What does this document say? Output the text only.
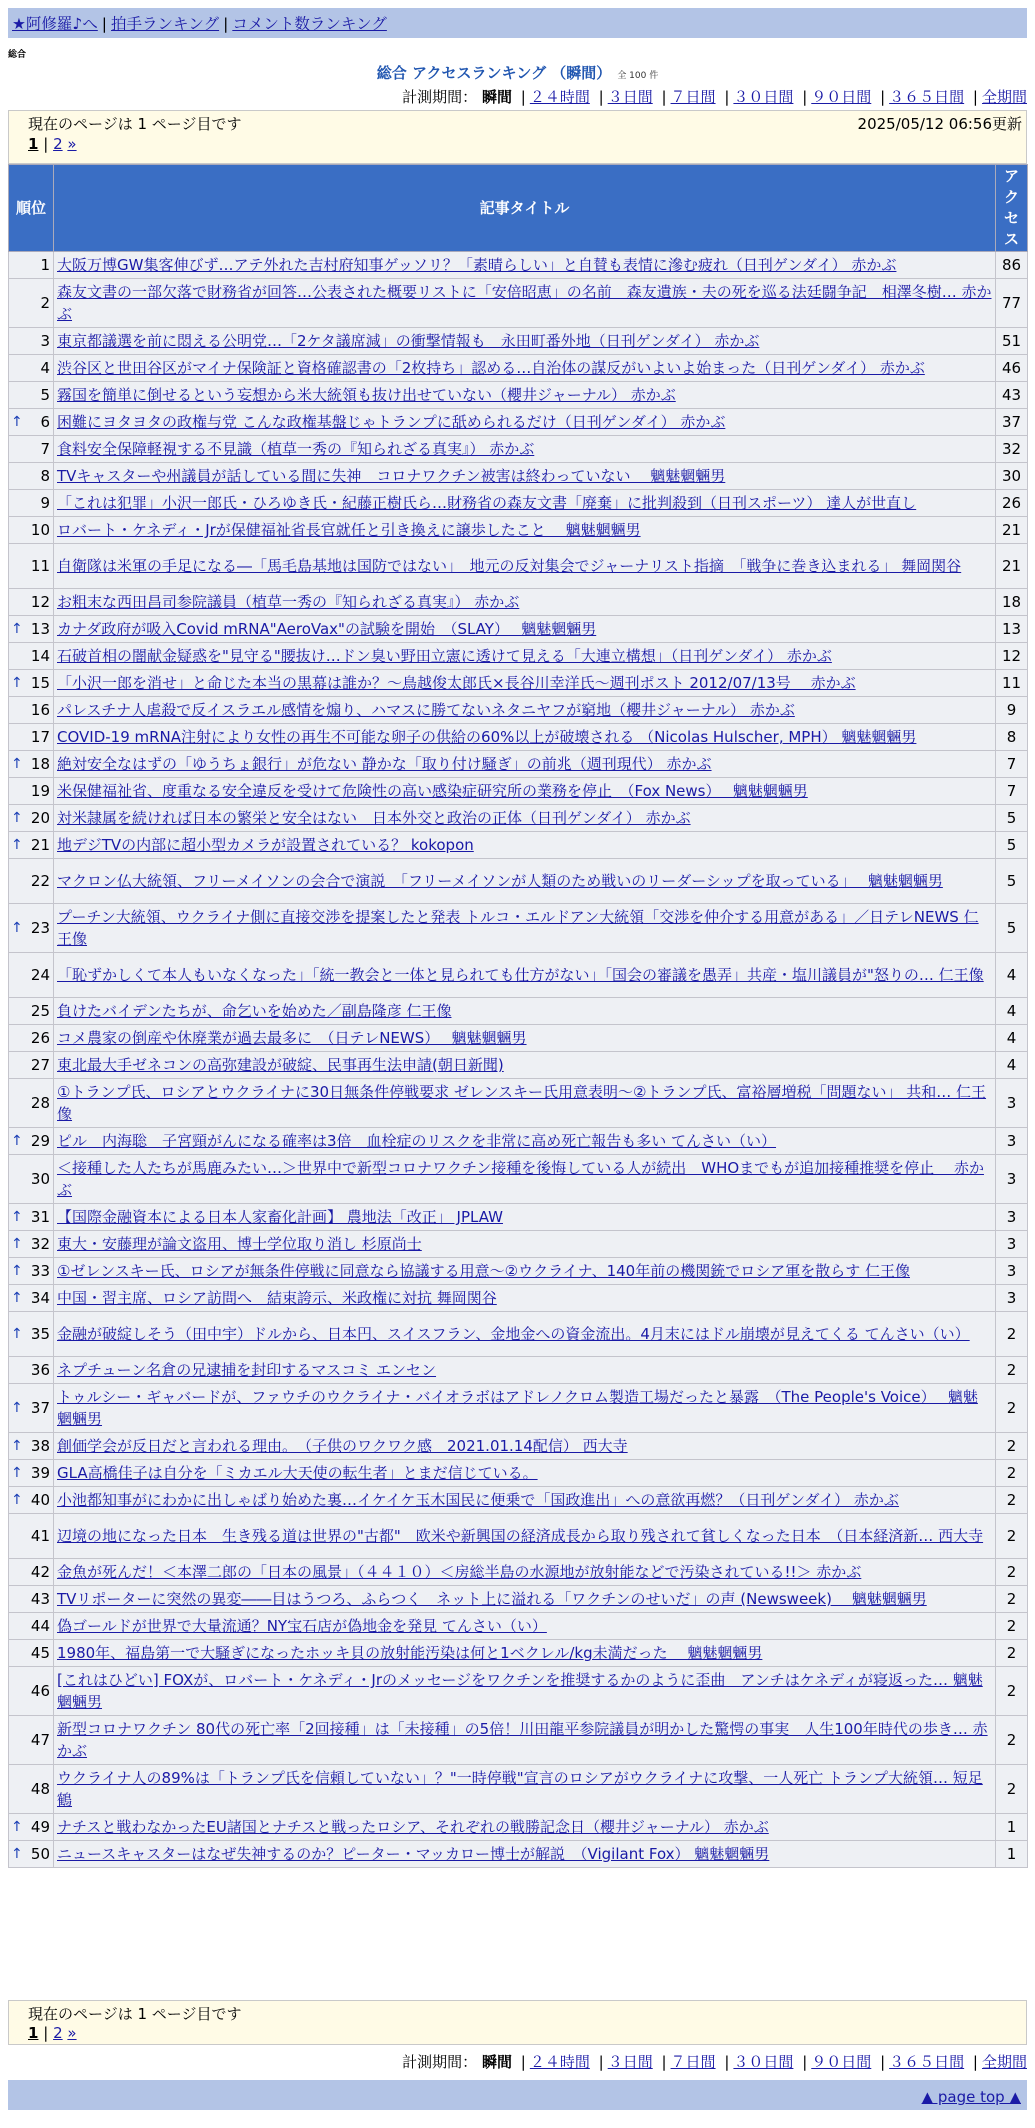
★阿修羅♪へ | 拍手ランキング | コメント数ランキング
総合
総合 アクセスランキング （瞬間） 全 100 件
計測期間： 瞬間 | ２４時間 | ３日間 | ７日間 | ３０日間 | ９０日間 | ３６５日間 | 全期間
現在のページは 1 ページ目です	2025/05/12 06:56更新
1 | 2 »
順位	記事タイトル	アクセス
1	大阪万博GW集客伸びず…アテ外れた吉村府知事ゲッソリ？「素晴らしい」と自賛も表情に滲む疲れ（日刊ゲンダイ） 赤かぶ	86
2	森友文書の一部欠落で財務省が回答…公表された概要リストに「安倍昭恵」の名前　森友遺族・夫の死を巡る法廷闘争記　相澤冬樹… 赤かぶ	77
3	東京都議選を前に悶える公明党…「2ケタ議席減」の衝撃情報も　永田町番外地（日刊ゲンダイ） 赤かぶ	51
4	渋谷区と世田谷区がマイナ保険証と資格確認書の「2枚持ち」認める…自治体の謀反がいよいよ始まった（日刊ゲンダイ） 赤かぶ	46
5	霧国を簡単に倒せるという妄想から米大統領も抜け出せていない（櫻井ジャーナル） 赤かぶ	43

↑ 6	困難にヨタヨタの政権与党 こんな政権基盤じゃトランプに舐められるだけ（日刊ゲンダイ） 赤かぶ	37
7	食料安全保障軽視する不見識（植草一秀の『知られざる真実』） 赤かぶ	32
8	TVキャスターや州議員が話している間に失神　コロナワクチン被害は終わっていない　 魑魅魍魎男	30
9	「これは犯罪」小沢一郎氏・ひろゆき氏・紀藤正樹氏ら…財務省の森友文書「廃棄」に批判殺到（日刊スポーツ） 達人が世直し	26
10	ロバート・ケネディ・Jrが保健福祉省長官就任と引き換えに譲歩したこと　 魑魅魍魎男	21
11	自衛隊は米軍の手足になる―「馬毛島基地は国防ではない」　地元の反対集会でジャーナリスト指摘　「戦争に巻き込まれる」 舞岡関谷	21
12	お粗末な西田昌司参院議員（植草一秀の『知られざる真実』） 赤かぶ	18

↑ 13	カナダ政府が吸入Covid mRNA"AeroVax"の試験を開始　（SLAY）　 魑魅魍魎男	13
14	石破首相の闇献金疑惑を"見守る"腰抜け…ドン臭い野田立憲に透けて見える「大連立構想」（日刊ゲンダイ） 赤かぶ	12

↑ 15	「小沢一郎を消せ」と命じた本当の黒幕は誰か？～鳥越俊太郎氏×長谷川幸洋氏～週刊ポスト 2012/07/13号　 赤かぶ	11
16	パレスチナ人虐殺で反イスラエル感情を煽り、ハマスに勝てないネタニヤフが窮地（櫻井ジャーナル） 赤かぶ	9
17	COVID-19 mRNA注射により女性の再生不可能な卵子の供給の60%以上が破壊される （Nicolas Hulscher, MPH） 魑魅魍魎男	8

↑ 18	絶対安全なはずの「ゆうちょ銀行」が危ない 静かな「取り付け騒ぎ」の前兆（週刊現代） 赤かぶ	7
19	米保健福祉省、度重なる安全違反を受けて危険性の高い感染症研究所の業務を停止　（Fox News）　 魑魅魍魎男	7

↑ 20	対米隷属を続ければ日本の繁栄と安全はない　日本外交と政治の正体（日刊ゲンダイ） 赤かぶ	5

↑ 21	地デジTVの内部に超小型カメラが設置されている？ kokopon	5
22	マクロン仏大統領、フリーメイソンの会合で演説　「フリーメイソンが人類のため戦いのリーダーシップを取っている」　 魑魅魍魎男	5

↑ 23	プーチン大統領、ウクライナ側に直接交渉を提案したと発表 トルコ・エルドアン大統領「交渉を仲介する用意がある」／日テレNEWS 仁王像	5
24	「恥ずかしくて本人もいなくなった」「統一教会と一体と見られても仕方がない」「国会の審議を愚弄」共産・塩川議員が"怒りの… 仁王像	4
25	負けたバイデンたちが、命乞いを始めた／副島隆彦 仁王像	4
26	コメ農家の倒産や休廃業が過去最多に　（日テレNEWS）　 魑魅魍魎男	4
27	東北最大手ゼネコンの高弥建設が破綻、民事再生法申請(朝日新聞)	4
28	①トランプ氏、ロシアとウクライナに30日無条件停戦要求 ゼレンスキー氏用意表明～②トランプ氏、富裕層増税「問題ない」 共和… 仁王像	3

↑ 29	ピル　内海聡　子宮頸がんになる確率は3倍　血栓症のリスクを非常に高め死亡報告も多い てんさい（い）	3
30	＜接種した人たちが馬鹿みたい…＞世界中で新型コロナワクチン接種を後悔している人が続出　WHOまでもが追加接種推奨を停止　 赤かぶ	3

↑ 31	【国際金融資本による日本人家畜化計画】 農地法「改正」 JPLAW	3

↑ 32	東大・安藤理が論文盗用、博士学位取り消し 杉原尚士	3

↑ 33	①ゼレンスキー氏、ロシアが無条件停戦に同意なら協議する用意～②ウクライナ、140年前の機関銃でロシア軍を散らす 仁王像	3

↑ 34	中国・習主席、ロシア訪問へ　結束誇示、米政権に対抗 舞岡関谷	3

↑ 35	金融が破綻しそう（田中宇）ドルから、日本円、スイスフラン、金地金への資金流出。4月末にはドル崩壊が見えてくる てんさい（い）	2
36	ネプチューン名倉の兄逮捕を封印するマスコミ エンセン	2

↑ 37	トゥルシー・ギャバードが、ファウチのウクライナ・バイオラボはアドレノクロム製造工場だったと暴露　（The People's Voice）　 魑魅魍魎男	2

↑ 38	創価学会が反日だと言われる理由。　（子供のワクワク感　2021.01.14配信） 西大寺	2

↑ 39	GLA高橋佳子は自分を「ミカエル大天使の転生者」とまだ信じている。	2

↑ 40	小池都知事がにわかに出しゃばり始めた裏…イケイケ玉木国民に便乗で「国政進出」への意欲再燃？（日刊ゲンダイ） 赤かぶ	2
41	辺境の地になった日本　生き残る道は世界の"古都"　欧米や新興国の経済成長から取り残されて貧しくなった日本　（日本経済新… 西大寺	2
42	金魚が死んだ！＜本澤二郎の「日本の風景」（４４１０）＜房総半島の水源地が放射能などで汚染されている!!＞ 赤かぶ	2
43	TVリポーターに突然の異変――目はうつろ、ふらつく　ネット上に溢れる「ワクチンのせいだ」の声 (Newsweek)　 魑魅魍魎男	2
44	偽ゴールドが世界で大量流通？NY宝石店が偽地金を発見 てんさい（い）	2
45	1980年、福島第一で大騒ぎになったホッキ貝の放射能汚染は何と1ベクレル/kg未満だった　 魑魅魍魎男	2
46	[これはひどい] FOXが、ロバート・ケネディ・Jrのメッセージをワクチンを推奨するかのように歪曲　アンチはケネディが寝返った… 魑魅魍魎男	2
47	新型コロナワクチン 80代の死亡率「2回接種」は「未接種」の5倍！川田龍平参院議員が明かした驚愕の事実　人生100年時代の歩き… 赤かぶ	2
48	ウクライナ人の89%は「トランプ氏を信頼していない」？"一時停戦"宣言のロシアがウクライナに攻撃、一人死亡 トランプ大統領… 短足鶴	2

↑ 49	ナチスと戦わなかったEU諸国とナチスと戦ったロシア、それぞれの戦勝記念日（櫻井ジャーナル） 赤かぶ	1

↑ 50	ニュースキャスターはなぜ失神するのか？ピーター・マッカロー博士が解説　（Vigilant Fox） 魑魅魍魎男	1
現在のページは 1 ページ目です
1 | 2 »
計測期間： 瞬間 | ２４時間 | ３日間 | ７日間 | ３０日間 | ９０日間 | ３６５日間 | 全期間
▲ page top ▲
